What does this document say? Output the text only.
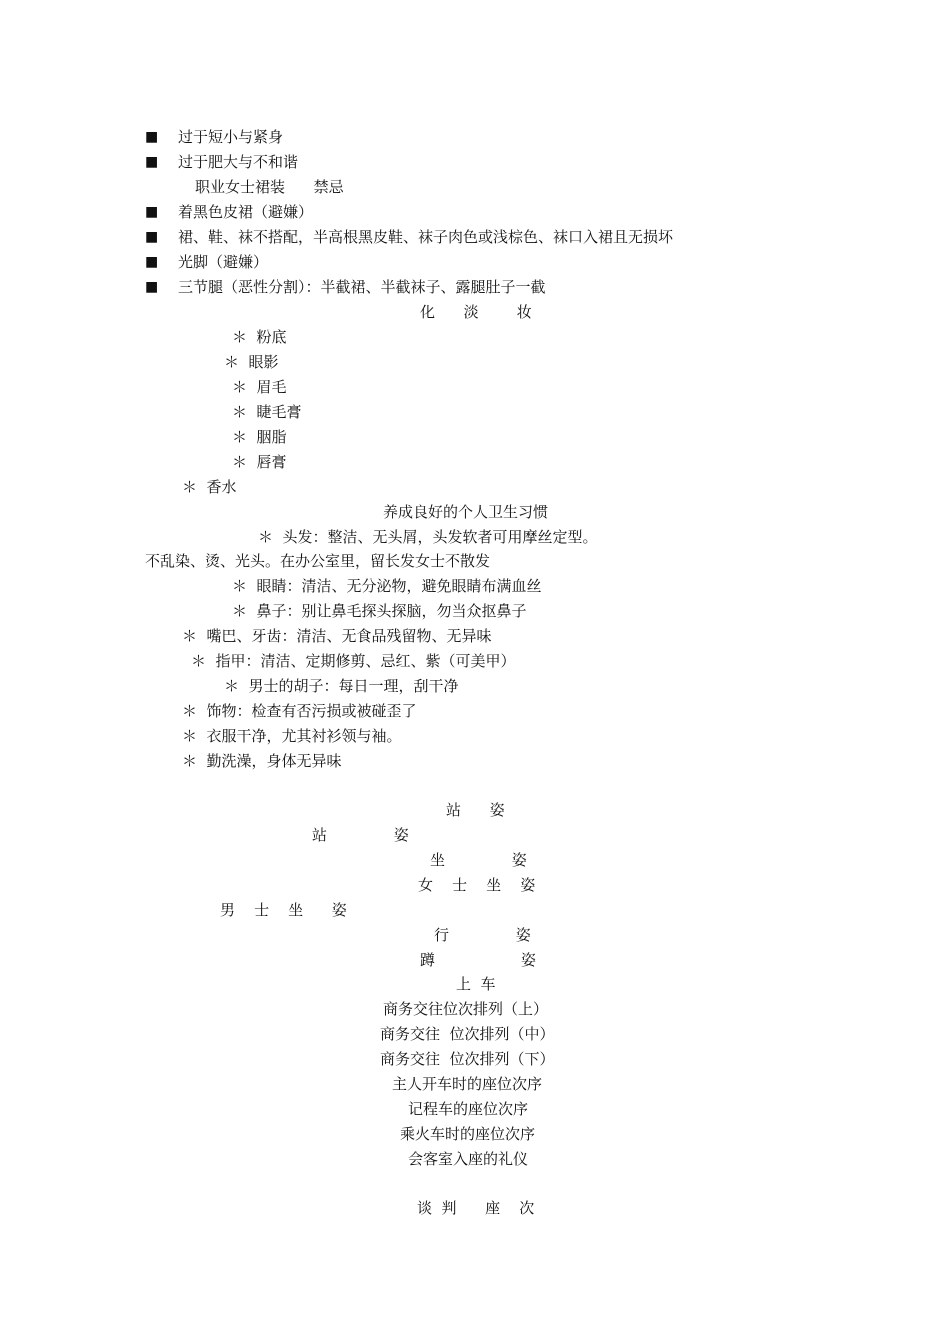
■ 过于短小与紧身
■ 过于肥大与不和谐
职业女士裙装      禁忌
■ 着黑色皮裙（避嫌）
■ 裙、鞋、袜不搭配，半高根黑皮鞋、袜子肉色或浅棕色、袜口入裙且无损坏
■ 光脚（避嫌）
■ 三节腿（恶性分割）：半截裙、半截袜子、露腿肚子一截
化      淡        妆
＊  粉底
＊  眼影
＊  眉毛
＊  睫毛膏
＊  胭脂
＊  唇膏
＊  香水
养成良好的个人卫生习惯
＊  头发：整洁、无头屑，头发软者可用摩丝定型。
不乱染、烫、光头。在办公室里，留长发女士不散发
＊  眼睛：清洁、无分泌物，避免眼睛布满血丝
＊  鼻子：别让鼻毛探头探脑，勿当众抠鼻子
＊  嘴巴、牙齿：清洁、无食品残留物、无异味
＊  指甲：清洁、定期修剪、忌红、紫（可美甲）
＊  男士的胡子：每日一理，刮干净
＊  饰物：检查有否污损或被碰歪了
＊  衣服干净，尤其衬衫领与袖。
＊  勤洗澡，身体无异味
站      姿
站              姿
坐              姿
女    士    坐    姿
男    士    坐      姿
行              姿
蹲                  姿
上  车
商务交往位次排列（上）
商务交往  位次排列（中）
商务交往  位次排列（下）
主人开车时的座位次序
记程车的座位次序
乘火车时的座位次序
会客室入座的礼仪
谈  判      座    次
